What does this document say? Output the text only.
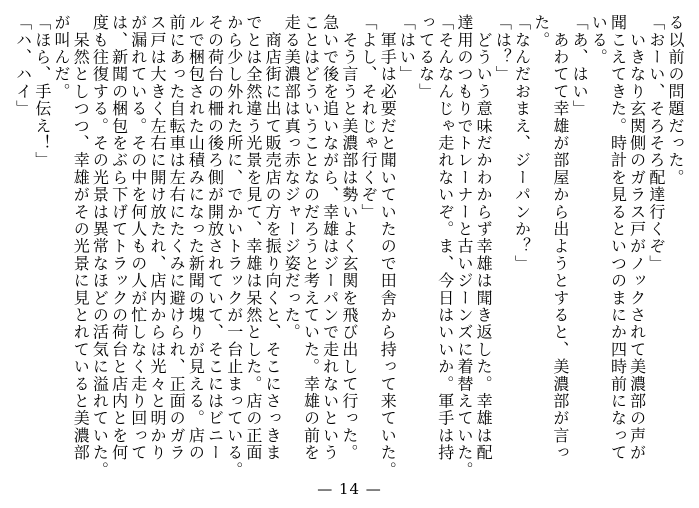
る以前の問題だった。
「おーい、そろそろ配達行くぞ」
　いきなり玄関側のガラス戸がノックされて美濃部の声が
聞こえてきた。時計を見るといつのまにか四時前になって
いる。
「あ、はい」
　あわてて幸雄が部屋から出ようとすると、美濃部が言っ
た。
「なんだおまえ、ジーパンか？」
「は？」
　どういう意味だかわからず幸雄は聞き返した。幸雄は配
達用のつもりでトレーナーと古いジーンズに着替えていた。
「そんなんじゃ走れないぞ。ま、今日はいいか。軍手は持
ってるな」
「はい」
　軍手は必要だと聞いていたので田舎から持って来ていた。
「よし、それじゃ行くぞ」
　そう言うと美濃部は勢いよく玄関を飛び出して行った。
急いで後を追いながら、幸雄はジーパンで走れないという
ことはどういうことなのだろうと考えていた。幸雄の前を
走る美濃部は真っ赤なジャージ姿だった。
　商店街に出て販売店の方を振り向くと、そこにさっきま
でとは全然違う光景を見て、幸雄は呆然とした。店の正面
から少し外れた所に、でかいトラックが一台止まっている。
その荷台の柵の後ろ側が開放されていて、そこにはビニー
ルで梱包された山積みになった新聞の塊りが見える。店の
前にあった自転車は左右にたくみに避けられ、正面のガラ
ス戸は大きく左右に開け放たれ、店内からは光々と明かり
が漏れている。その中を何人もの人が忙しなく走り回って
は、新聞の梱包をぶら下げてトラックの荷台と店内とを何
度も往復する。その光景は異常なほどの活気に溢れていた。
　呆然としつつ、幸雄がその光景に見とれていると美濃部
が叫んだ。
「ほら、手伝え！」
「ハ、ハイ」
— 14 —
